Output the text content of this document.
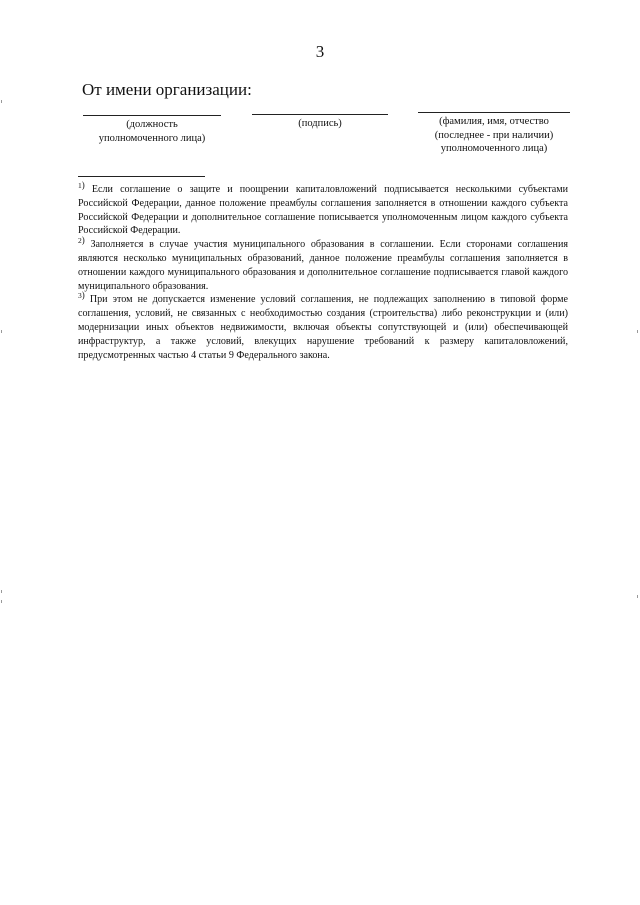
3
От имени организации:
(должность
уполномоченного лица)
(подпись)	(фамилия, имя, отчество
(последнее - при наличии)
уполномоченного лица)

$^1$) Если соглашение о защите и поощрении капиталовложений подписывается несколькими субъектами Российской Федерации, данное положение преамбулы соглашения заполняется в отношении каждого субъекта Российской Федерации и дополнительное соглашение пописывается уполномоченным лицом каждого субъекта Российской Федерации.

$^2$) Заполняется в случае участия муниципального образования в соглашении. Если сторонами соглашения являются несколько муниципальных образований, данное положение преамбулы соглашения заполняется в отношении каждого муниципального образования и дополнительное соглашение подписывается главой каждого муниципального образования.

$^3$) При этом не допускается изменение условий соглашения, не подлежащих заполнению в типовой форме соглашения, условий, не связанных с необходимостью создания (строительства) либо реконструкции и (или) модернизации иных объектов недвижимости, включая объекты сопутствующей и (или) обеспечивающей инфраструктур, а также условий, влекущих нарушение требований к размеру капиталовложений, предусмотренных частью 4 статьи 9 Федерального закона.
